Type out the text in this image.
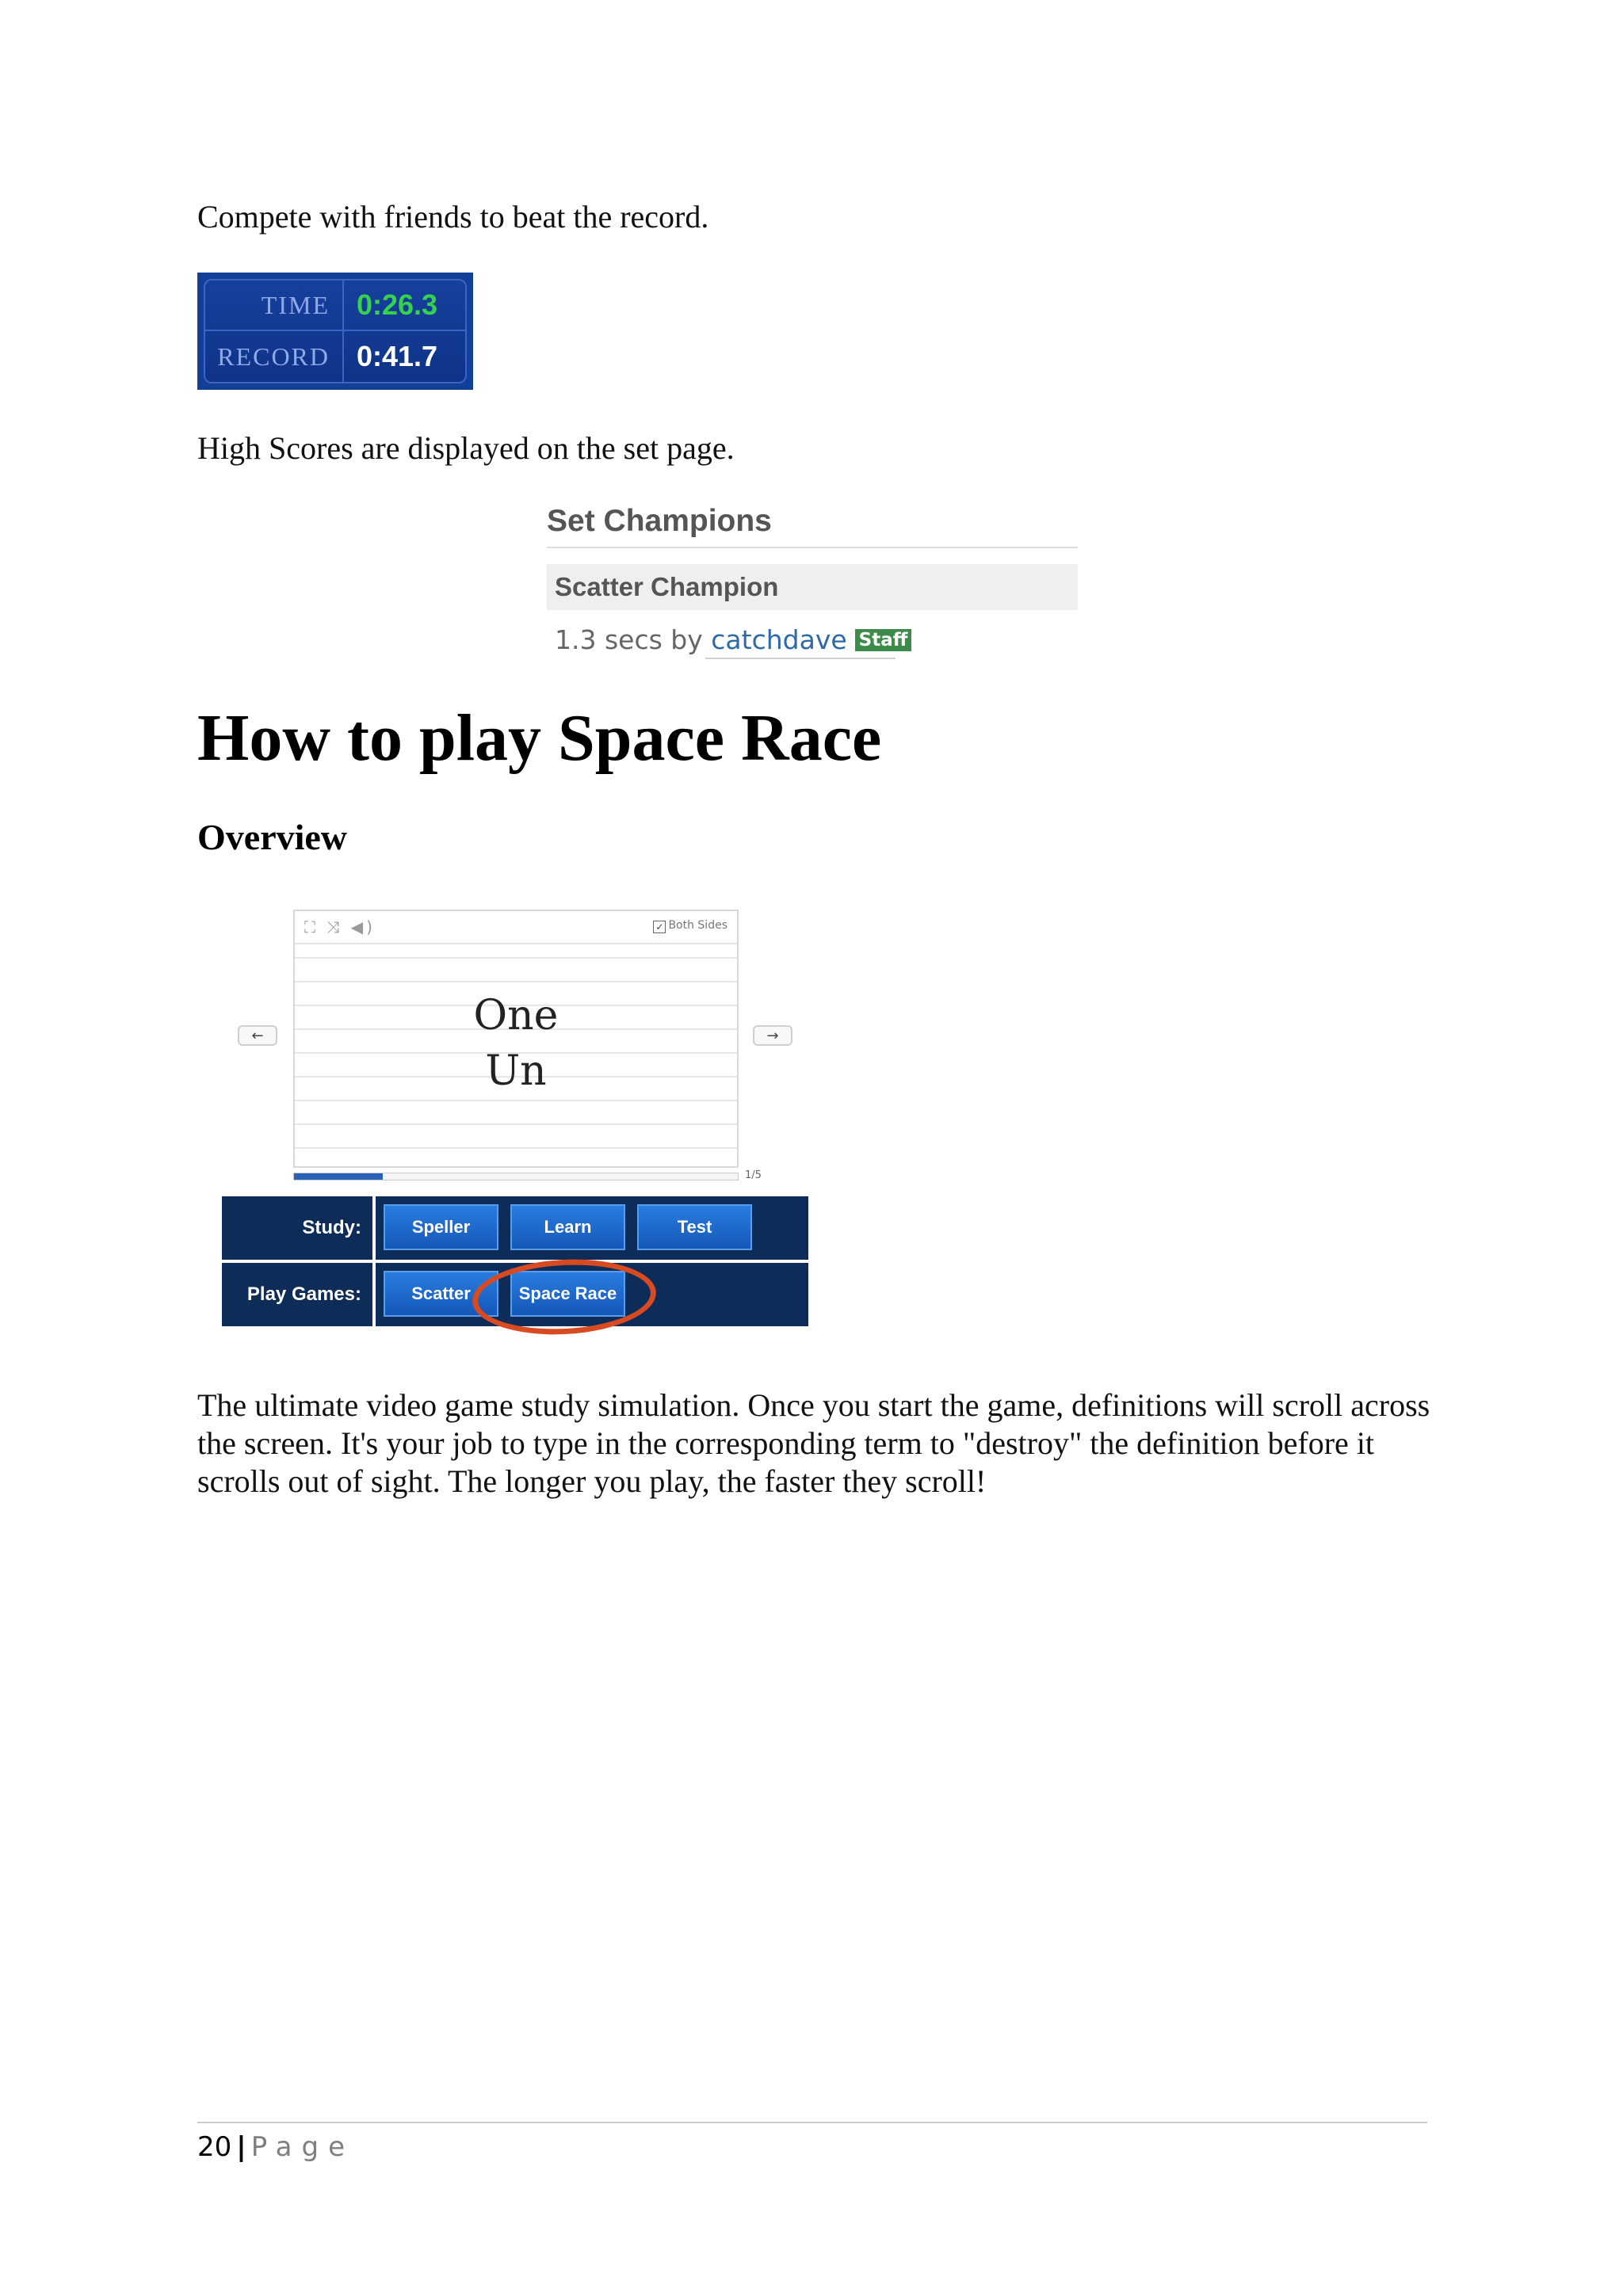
Compete with friends to beat the record.
TIME 0:26.3
RECORD 0:41.7
High Scores are displayed on the set page.
Set Champions
Scatter Champion
1.3 secs by catchdave Staff
How to play Space Race
Overview
←
⛶ ⤨ ◀)	✓ Both Sides
One
Un
→
1/5
Study:	Speller	Learn	Test
Play Games:	Scatter	Space Race
The ultimate video game study simulation. Once you start the game, definitions will scroll across the screen. It's your job to type in the corresponding term to "destroy" the definition before it scrolls out of sight. The longer you play, the faster they scroll!
20 | Page
